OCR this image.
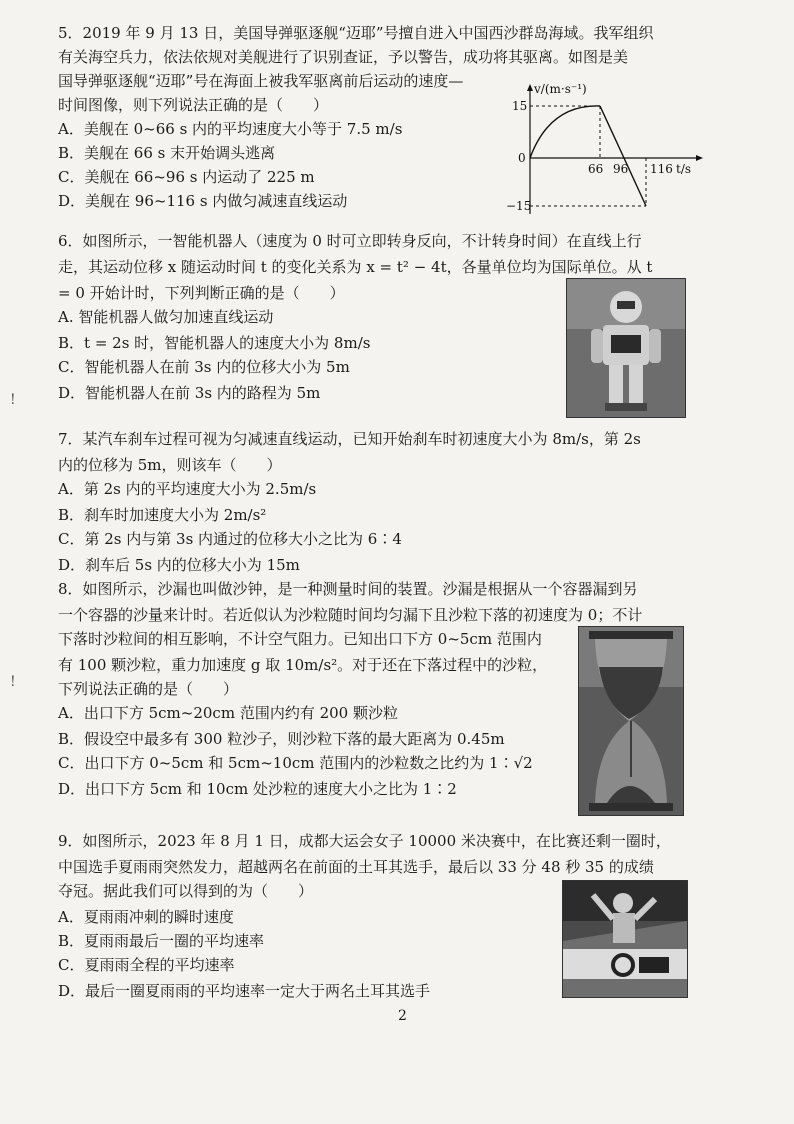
5．2019 年 9 月 13 日，美国导弹驱逐舰“迈耶”号擅自进入中国西沙群岛海域。我军组织
有关海空兵力，依法依规对美舰进行了识别查证，予以警告，成功将其驱离。如图是美
国导弹驱逐舰“迈耶”号在海面上被我军驱离前后运动的速度—
时间图像，则下列说法正确的是（　　）
A．美舰在 0~66 s 内的平均速度大小等于 7.5 m/s
B．美舰在 66 s 末开始调头逃离
C．美舰在 66~96 s 内运动了 225 m
D．美舰在 96~116 s 内做匀减速直线运动
v/(m·s⁻¹)
15
−15
0
66 96 116 t/s
6．如图所示，一智能机器人（速度为 0 时可立即转身反向，不计转身时间）在直线上行
走，其运动位移 x 随运动时间 t 的变化关系为 x = t² − 4t，各量单位均为国际单位。从 t
= 0 开始计时，下列判断正确的是（　　）
A. 智能机器人做匀加速直线运动
B．t = 2s 时，智能机器人的速度大小为 8m/s
C．智能机器人在前 3s 内的位移大小为 5m
D．智能机器人在前 3s 内的路程为 5m
!
7．某汽车刹车过程可视为匀减速直线运动，已知开始刹车时初速度大小为 8m/s，第 2s
内的位移为 5m，则该车（　　）
A．第 2s 内的平均速度大小为 2.5m/s
B．刹车时加速度大小为 2m/s²
C．第 2s 内与第 3s 内通过的位移大小之比为 6∶4
D．刹车后 5s 内的位移大小为 15m
8．如图所示，沙漏也叫做沙钟，是一种测量时间的装置。沙漏是根据从一个容器漏到另
一个容器的沙量来计时。若近似认为沙粒随时间均匀漏下且沙粒下落的初速度为 0；不计
下落时沙粒间的相互影响，不计空气阻力。已知出口下方 0~5cm 范围内
有 100 颗沙粒，重力加速度 g 取 10m/s²。对于还在下落过程中的沙粒，
下列说法正确的是（　　）
A．出口下方 5cm~20cm 范围内约有 200 颗沙粒
B．假设空中最多有 300 粒沙子，则沙粒下落的最大距离为 0.45m
C．出口下方 0~5cm 和 5cm~10cm 范围内的沙粒数之比约为 1∶√2
D．出口下方 5cm 和 10cm 处沙粒的速度大小之比为 1∶2
!
9．如图所示，2023 年 8 月 1 日，成都大运会女子 10000 米决赛中，在比赛还剩一圈时，
中国选手夏雨雨突然发力，超越两名在前面的土耳其选手，最后以 33 分 48 秒 35 的成绩
夺冠。据此我们可以得到的为（　　）
A．夏雨雨冲刺的瞬时速度
B．夏雨雨最后一圈的平均速率
C．夏雨雨全程的平均速率
D．最后一圈夏雨雨的平均速率一定大于两名土耳其选手
2
